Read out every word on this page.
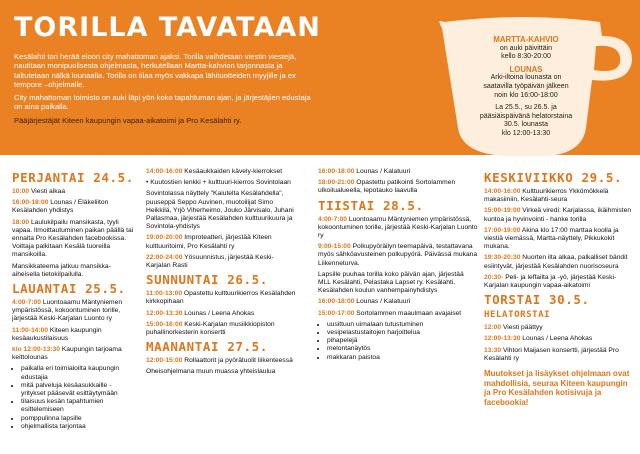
TORILLA TAVATAAN

Kesälahti tori herää eloon city mahattoman ajaksi. Torilla vaihdetaan viestin viestejä, nautitaan monipuolisesta ohjelmasta, herkutellaan Martta-kahvion tarjonnasta ja taltutetaan nälkä lounaalla. Torilla on tilaa myös vakkapa lähituotteiden myyjille ja ex tempore –ohjelmalle.

City mahattoman toimisto on auki läpi yön koko tapahtuman ajan, ja järjestäjien edustaja on aina paikalla.

Pääjärjestäjät Kiteen kaupungin vapaa-aikatoimi ja Pro Kesälahti ry.

MARTTA-KAHVIO
on auki päivittäin
kello 8:30-20:00
LOUNAS
Arki-iltoina lounasta on
saatavilla työpäivän jälkeen
noin klo 16:00-18:00
La 25.5., su 26.5. ja
pääsiäispäivänä helatorstaina
30.5. lounasta
klo 12:00-13:30
PERJANTAI 24.5.
10:00 Viesti alkaa
16:00-18:00 Lounas / Eläkeliiton Kesälahden yhdistys
18:00 Laulukilpailu mansikasta, tyyli vapaa. Ilmoittautuminen paikan päällä tai ennalta Pro Kesälahden facebookissa. Voittaja palkitaan Kesälä tuoreilla mansikoilla.
Mansikkateema jatkuu mansikka-aiheisella tietokilpailulla.
LAUANTAI 25.5.
4:00-7:00 Luontoaamu Mäntyniemen ympäristössä, kokoontuminen torille, järjestää Keski-Karjalan Luonto ry
11:00-14:00 Kiteen kaupungin kesäaukustilaisuus
klo 12:00-13:30 Kaupungin tarjoama keittolounas
• paikalla eri toimialoilta kaupungin edustajia
• mitä palveluja kesäasukkaille - yritykset pääsevät esittäytymään
• tilaisuus kesän tapahtumien esittelemiseen
• pomppulinna lapsille
• ohjelmallista tarjontaa
14:00-16:00 Kesäaukkaiden kävely-kierrokset
• Kuutostien lenkki + kulttuuri-kierros Sovintolaan
Sovintolassa näyttely "Kaiutelta Kesälahdella", puuseppä Seppo Auvinen, muotoilijat Simo Heikkilä, Yrjö Viherheimo, Jouko Järvisalo, Juhani Pallasmaa, järjestää Kesälahden kulttuurikuura ja Sovintola-yhdistys
19:00-20:00 Improteatteri, järjestää Kiteen kulttuuritoimi, Pro Kesälahti ry
22:00-24:00 Yösuunnistus, järjestää Keski-Karjalan Rasti
SUNNUNTAI 26.5.
11:00-13:00 Opastettu kulttuurikierros Kesälahden kirkkopihaan
12:00-13:30 Lounas / Leena Ahokas
15:00-16:00 Keski-Karjalan musiikkiopiston puhallinorkesterin konsertti
MAANANTAI 27.5.
12:00-15:00 Rollaattorit ja pyörätuolit liikenteessä
Oheisohjelmana muun muassa yhteislaulua
16:00-18:00 Lounas / Kalatuuri
18:00-21:00 Opastettu patikointi Sortolammen ulkoilualueella, lepotauko laavulla
TIISTAI 28.5.
4:00-7:00 Luontoaamu Mäntyniemen ympäristössä, kokoontuminen torille, järjestää Keski-Karjalan Luonto ry
9:00-15:00 Polkupyöräilyn teemapäivä, testattavana myös sähköavusteinen polkupyörä. Päivässä mukana Liikenneturva.
Lapsille puuhaa torilla koko päivän ajan, järjestää MLL Kesälahti, Pelastaka Lapset ry. Kesälahti, Kesälahden koulun vanhempainyhdistys
16:00-18:00 Lounas / Kalatuuri
15:00-17:00 Sortolammen maaulmaan avajaiset
• uusittuun uimalaan tutustuminen
• vesipelastustaitojen harjoittelua
• pihapelejä
• melontanäytös
• makkaran paistoa
KESKIVIIKKO 29.5.
14:00-16:00 Kulttuurikierros Ykkömökkelä makasiiniin, Kesälahti-seura
15:00-19:00 Virkeä viredi: Karjalassa, ikäihmisten kuntoa ja hyvinvointi - hanke torilla
17:00-19:00 Akina klo 17:00 marttaa koolla ja viestiä viemässä, Martta-näyttely, Pikkukokit mukana.
19:30-20:30 Nuorten ilta alkaa, palkalliset bändit esiintyvät, järjestää Kesälahden nuorisoseura
20:30- Peli- ja leffailta ja -yö, järjestää Keski-Karjalan kaupungin vapaa-aikatoimi
TORSTAI 30.5.
HELATORSTAI
12:00 Viesti päättyy
12:00-13:30 Lounas / Leena Ahokas
13:30 Vihtori Maijasen konsertti, järjestää Pro Kesälahti ry
Muutokset ja lisäykset ohjelmaan ovat mahdollisia, seuraa Kiteen kaupungin ja Pro Kesälahden kotisivuja ja facebookia!
